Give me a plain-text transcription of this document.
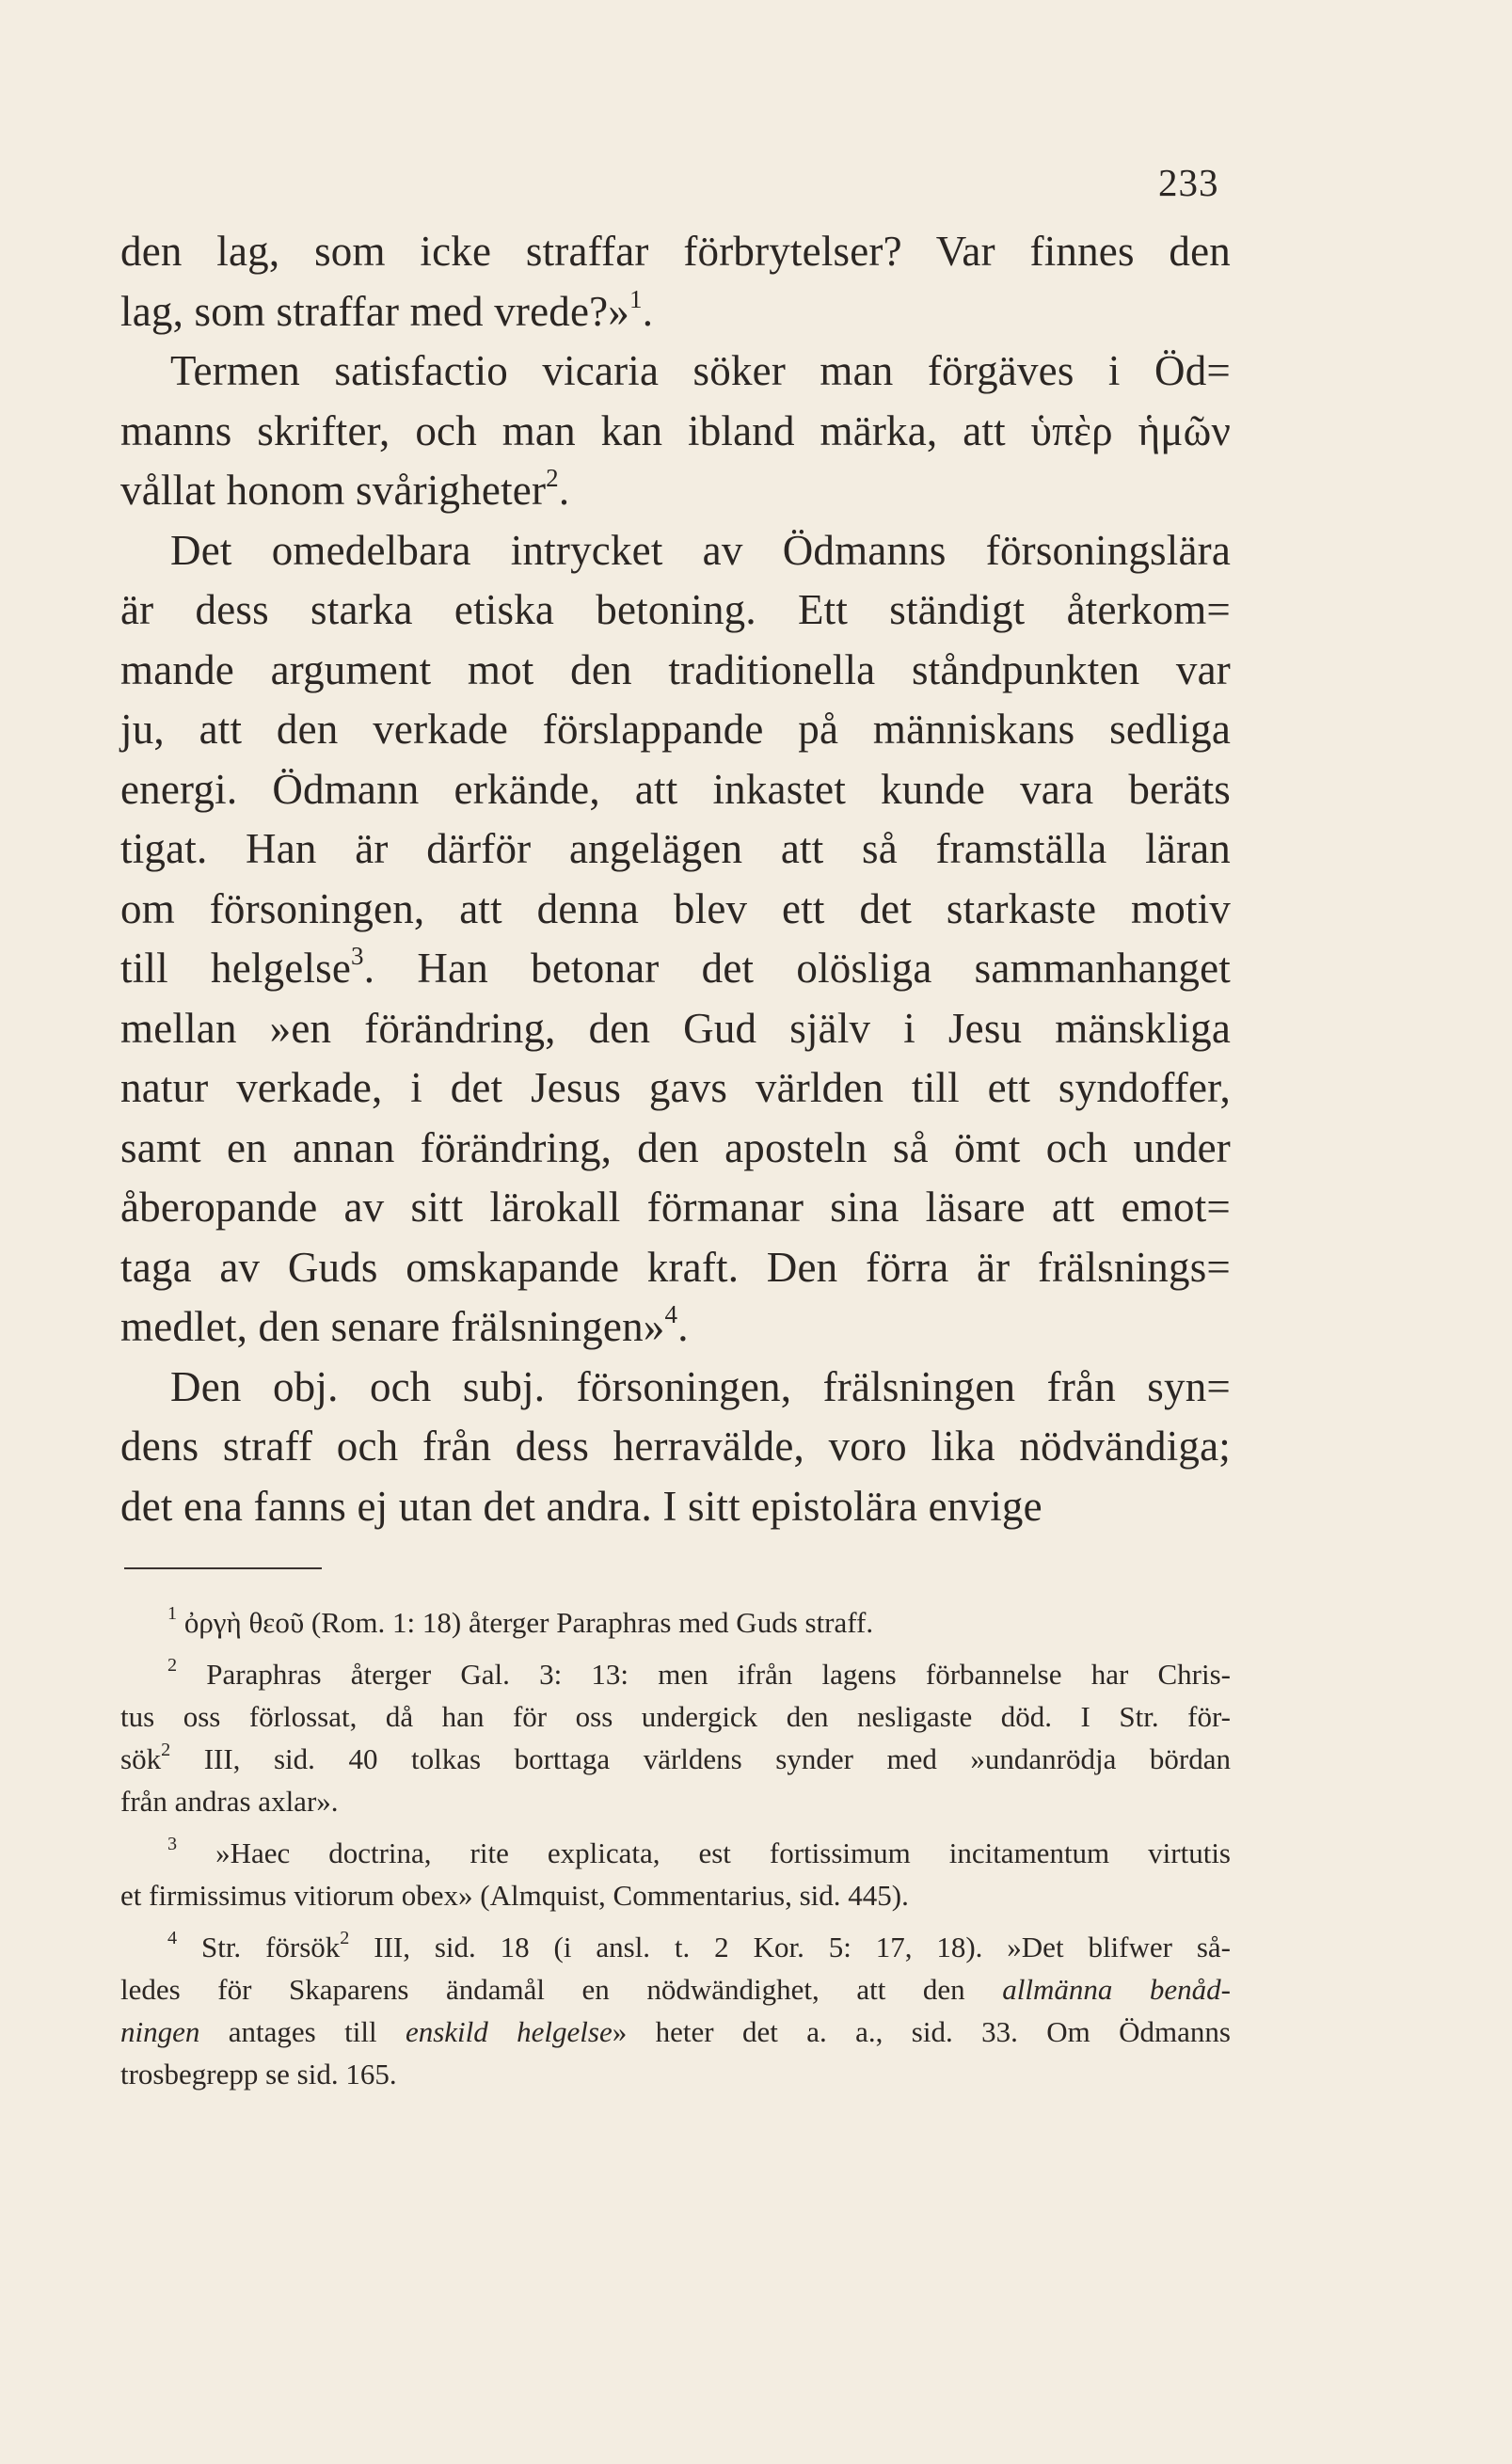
233
den lag, som icke straffar förbrytelser? Var finnes den
lag, som straffar med vrede?»$^1$.
Termen satisfactio vicaria söker man förgäves i Öd=
manns skrifter, och man kan ibland märka, att ὑπὲρ ἡμῶν
vållat honom svårigheter$^2$.
Det omedelbara intrycket av Ödmanns försoningslära
är dess starka etiska betoning. Ett ständigt återkom=
mande argument mot den traditionella ståndpunkten var
ju, att den verkade förslappande på människans sedliga
energi. Ödmann erkände, att inkastet kunde vara beräts
tigat. Han är därför angelägen att så framställa läran
om försoningen, att denna blev ett det starkaste motiv
till helgelse$^3$. Han betonar det olösliga sammanhanget
mellan »en förändring, den Gud själv i Jesu mänskliga
natur verkade, i det Jesus gavs världen till ett syndoffer,
samt en annan förändring, den aposteln så ömt och under
åberopande av sitt lärokall förmanar sina läsare att emot=
taga av Guds omskapande kraft. Den förra är frälsnings=
medlet, den senare frälsningen»$^4$.
Den obj. och subj. försoningen, frälsningen från syn=
dens straff och från dess herravälde, voro lika nödvändiga;
det ena fanns ej utan det andra. I sitt epistolära envige
$^1$ ὀργὴ θεοῦ (Rom. 1: 18) återger Paraphras med Guds straff.
$^2$ Paraphras återger Gal. 3: 13: men ifrån lagens förbannelse har Chris-
tus oss förlossat, då han för oss undergick den nesligaste död. I Str. för-
sök$^2$ III, sid. 40 tolkas borttaga världens synder med »undanrödja bördan
från andras axlar».
$^3$ »Haec doctrina, rite explicata, est fortissimum incitamentum virtutis
et firmissimus vitiorum obex» (Almquist, Commentarius, sid. 445).
$^4$ Str. försök$^2$ III, sid. 18 (i ansl. t. 2 Kor. 5: 17, 18). »Det blifwer så-
ledes för Skaparens ändamål en nödwändighet, att den allmänna benåd-
ningen antages till enskild helgelse» heter det a. a., sid. 33. Om Ödmanns
trosbegrepp se sid. 165.
